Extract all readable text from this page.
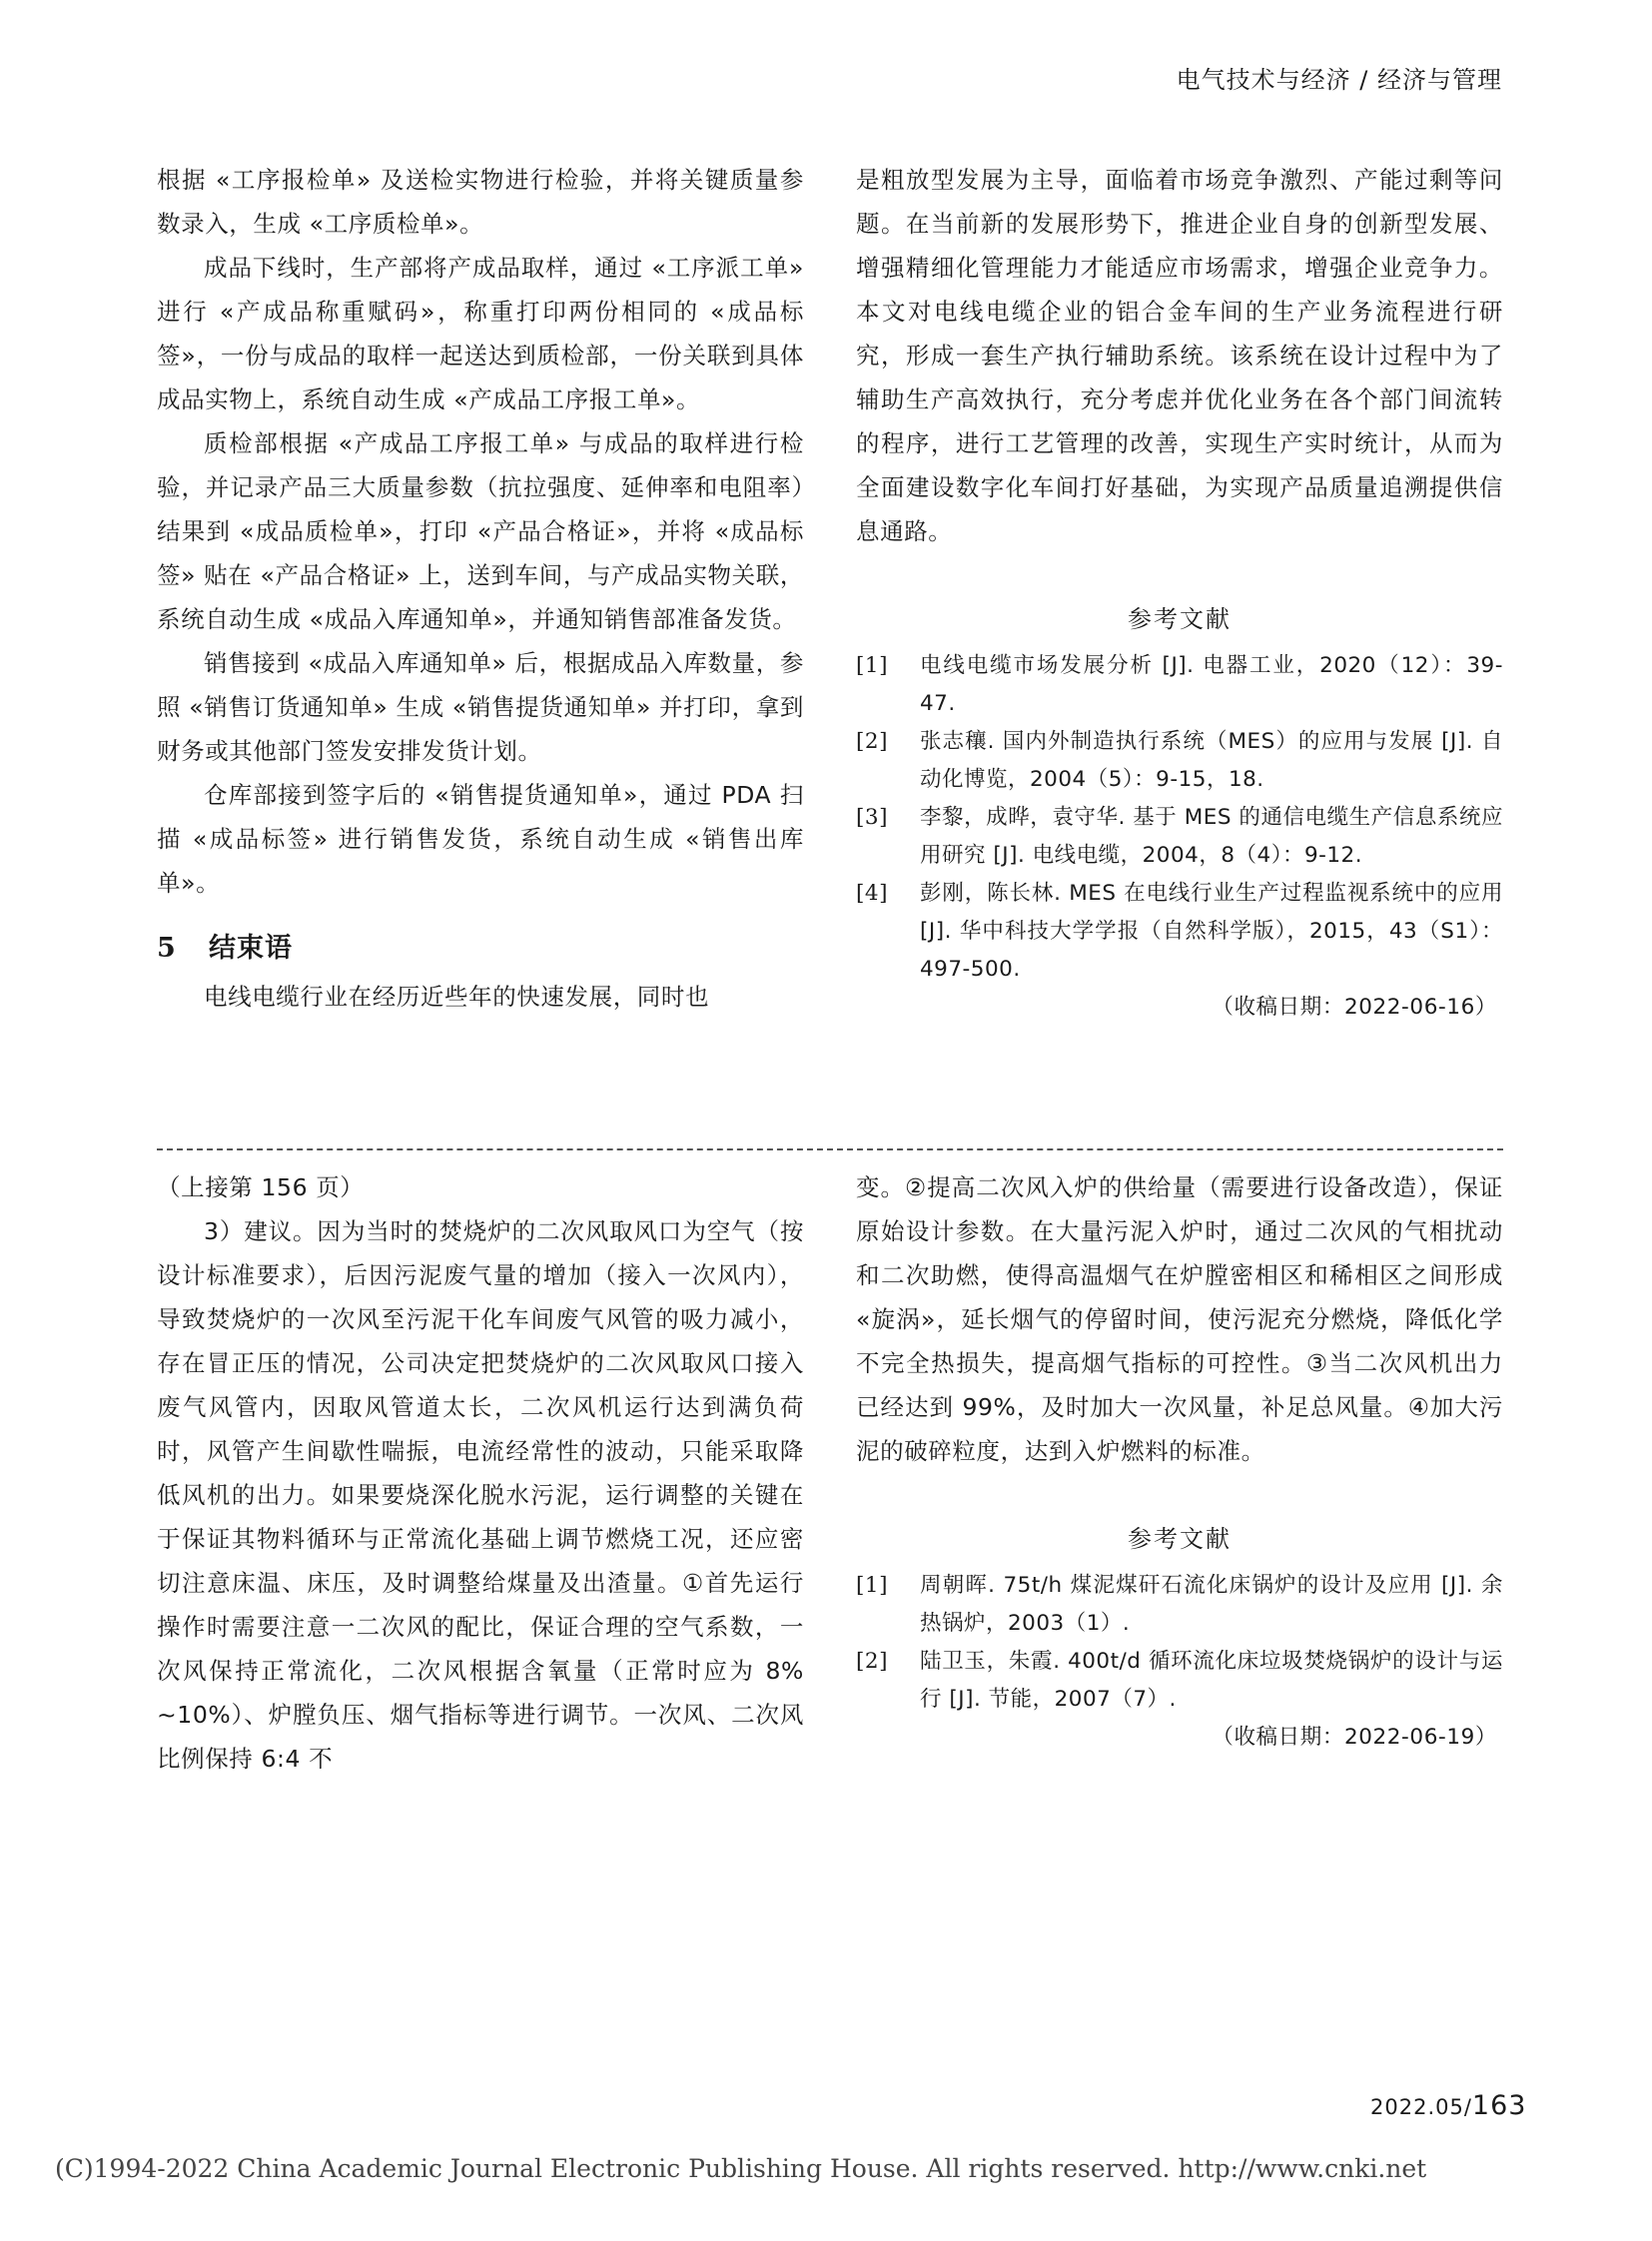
电气技术与经济 / 经济与管理

根据 «工序报检单» 及送检实物进行检验，并将关键质量参数录入，生成 «工序质检单»。

成品下线时，生产部将产成品取样，通过 «工序派工单» 进行 «产成品称重赋码»，称重打印两份相同的 «成品标签»，一份与成品的取样一起送达到质检部，一份关联到具体成品实物上，系统自动生成 «产成品工序报工单»。

质检部根据 «产成品工序报工单» 与成品的取样进行检验，并记录产品三大质量参数（抗拉强度、延伸率和电阻率）结果到 «成品质检单»，打印 «产品合格证»，并将 «成品标签» 贴在 «产品合格证» 上，送到车间，与产成品实物关联，系统自动生成 «成品入库通知单»，并通知销售部准备发货。

销售接到 «成品入库通知单» 后，根据成品入库数量，参照 «销售订货通知单» 生成 «销售提货通知单» 并打印，拿到财务或其他部门签发安排发货计划。

仓库部接到签字后的 «销售提货通知单»，通过 PDA 扫描 «成品标签» 进行销售发货，系统自动生成 «销售出库单»。

5 结束语

电线电缆行业在经历近些年的快速发展，同时也

是粗放型发展为主导，面临着市场竞争激烈、产能过剩等问题。在当前新的发展形势下，推进企业自身的创新型发展、增强精细化管理能力才能适应市场需求，增强企业竞争力。本文对电线电缆企业的铝合金车间的生产业务流程进行研究，形成一套生产执行辅助系统。该系统在设计过程中为了辅助生产高效执行，充分考虑并优化业务在各个部门间流转的程序，进行工艺管理的改善，实现生产实时统计，从而为全面建设数字化车间打好基础，为实现产品质量追溯提供信息通路。

参考文献
[1]	电线电缆市场发展分析 [J]. 电器工业，2020（12）：39-47.
[2]	张志穰. 国内外制造执行系统（MES）的应用与发展 [J]. 自动化博览，2004（5）：9-15，18.
[3]	李黎，成晔，袁守华. 基于 MES 的通信电缆生产信息系统应用研究 [J]. 电线电缆，2004，8（4）：9-12.
[4]	彭刚，陈长林. MES 在电线行业生产过程监视系统中的应用 [J]. 华中科技大学学报（自然科学版），2015，43（S1）：497-500.
（收稿日期：2022-06-16）

（上接第 156 页）

3）建议。因为当时的焚烧炉的二次风取风口为空气（按设计标准要求），后因污泥废气量的增加（接入一次风内），导致焚烧炉的一次风至污泥干化车间废气风管的吸力减小，存在冒正压的情况，公司决定把焚烧炉的二次风取风口接入废气风管内，因取风管道太长，二次风机运行达到满负荷时，风管产生间歇性喘振，电流经常性的波动，只能采取降低风机的出力。如果要烧深化脱水污泥，运行调整的关键在于保证其物料循环与正常流化基础上调节燃烧工况，还应密切注意床温、床压，及时调整给煤量及出渣量。①首先运行操作时需要注意一二次风的配比，保证合理的空气系数，一次风保持正常流化，二次风根据含氧量（正常时应为 8% ~10%）、炉膛负压、烟气指标等进行调节。一次风、二次风比例保持 6:4 不

变。②提高二次风入炉的供给量（需要进行设备改造），保证原始设计参数。在大量污泥入炉时，通过二次风的气相扰动和二次助燃，使得高温烟气在炉膛密相区和稀相区之间形成 «旋涡»，延长烟气的停留时间，使污泥充分燃烧，降低化学不完全热损失，提高烟气指标的可控性。③当二次风机出力已经达到 99%，及时加大一次风量，补足总风量。④加大污泥的破碎粒度，达到入炉燃料的标准。

参考文献
[1]	周朝晖. 75t/h 煤泥煤矸石流化床锅炉的设计及应用 [J]. 余热锅炉，2003（1）.
[2]	陆卫玉，朱霞. 400t/d 循环流化床垃圾焚烧锅炉的设计与运行 [J]. 节能，2007（7）.
（收稿日期：2022-06-19）
2022.05/163
(C)1994-2022 China Academic Journal Electronic Publishing House. All rights reserved. http://www.cnki.net
